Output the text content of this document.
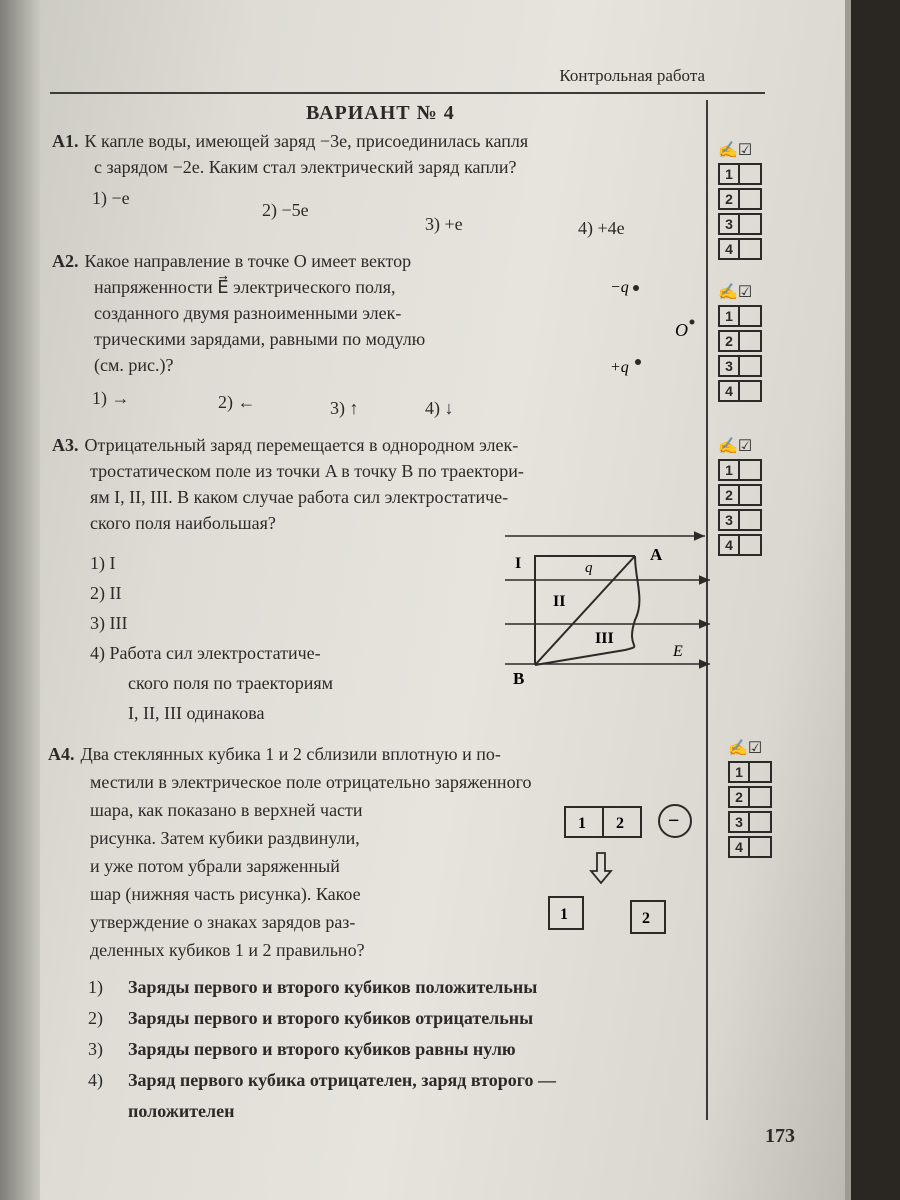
Контрольная работа
ВАРИАНТ № 4
А1. К капле воды, имеющей заряд −3e, присоединилась капля
с зарядом −2e. Каким стал электрический заряд капли?
1) −e
2) −5e
3) +e	4) +4e
✍☑
1
2
3
4
А2. Какое направление в точке O имеет вектор
напряженности E⃗ электрического поля,
созданного двумя разноименными элек-
трическими зарядами, равными по модулю
(см. рис.)?
1) →	2) ←	3) ↑	4) ↓
−q
O
+q
✍☑
1
2
3
4
А3. Отрицательный заряд перемещается в однородном элек-
тростатическом поле из точки A в точку B по траектори-
ям I, II, III. В каком случае работа сил электростатиче-
ского поля наибольшая?
1) I
2) II
3) III
4) Работа сил электростатиче-
ского поля по траекториям
I, II, III одинакова
I
II
III
q
A
B
E
✍☑
1
2
3
4
А4. Два стеклянных кубика 1 и 2 сблизили вплотную и по-
местили в электрическое поле отрицательно заряженного
шара, как показано в верхней части
рисунка. Затем кубики раздвинули,
и уже потом убрали заряженный
шар (нижняя часть рисунка). Какое
утверждение о знаках зарядов раз-
деленных кубиков 1 и 2 правильно?
1 2 −
1	2
1) Заряды первого и второго кубиков положительны
2) Заряды первого и второго кубиков отрицательны
3) Заряды первого и второго кубиков равны нулю
4) Заряд первого кубика отрицателен, заряд второго —
положителен
✍☑
1
2
3
4
173
